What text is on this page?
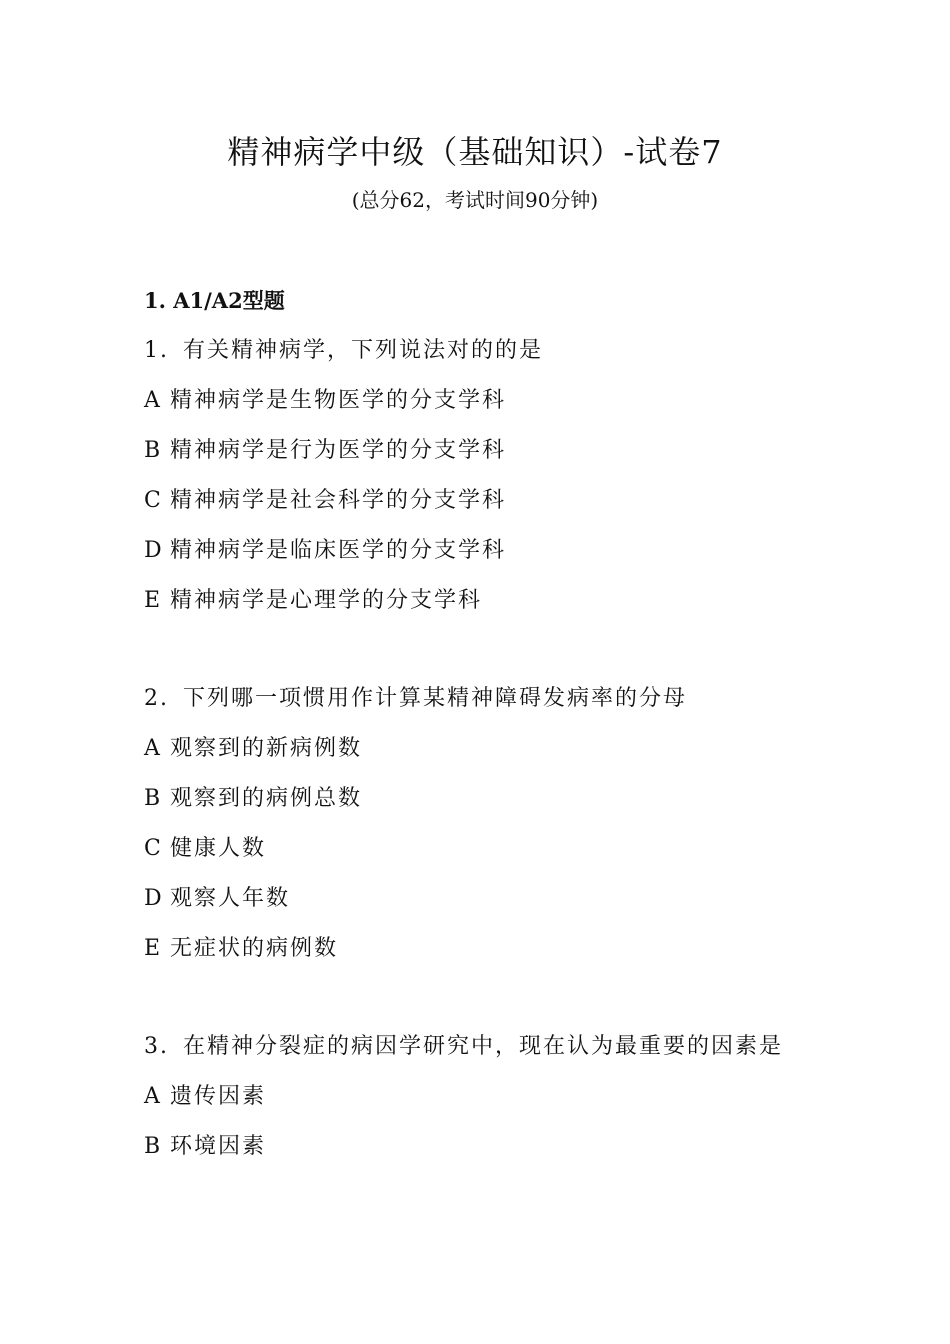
精神病学中级（基础知识）-试卷7
(总分62，考试时间90分钟)
1. A1/A2型题
1. 有关精神病学，下列说法对的的是
A 精神病学是生物医学的分支学科
B 精神病学是行为医学的分支学科
C 精神病学是社会科学的分支学科
D 精神病学是临床医学的分支学科
E 精神病学是心理学的分支学科
2. 下列哪一项惯用作计算某精神障碍发病率的分母
A 观察到的新病例数
B 观察到的病例总数
C 健康人数
D 观察人年数
E 无症状的病例数
3. 在精神分裂症的病因学研究中，现在认为最重要的因素是
A 遗传因素
B 环境因素
